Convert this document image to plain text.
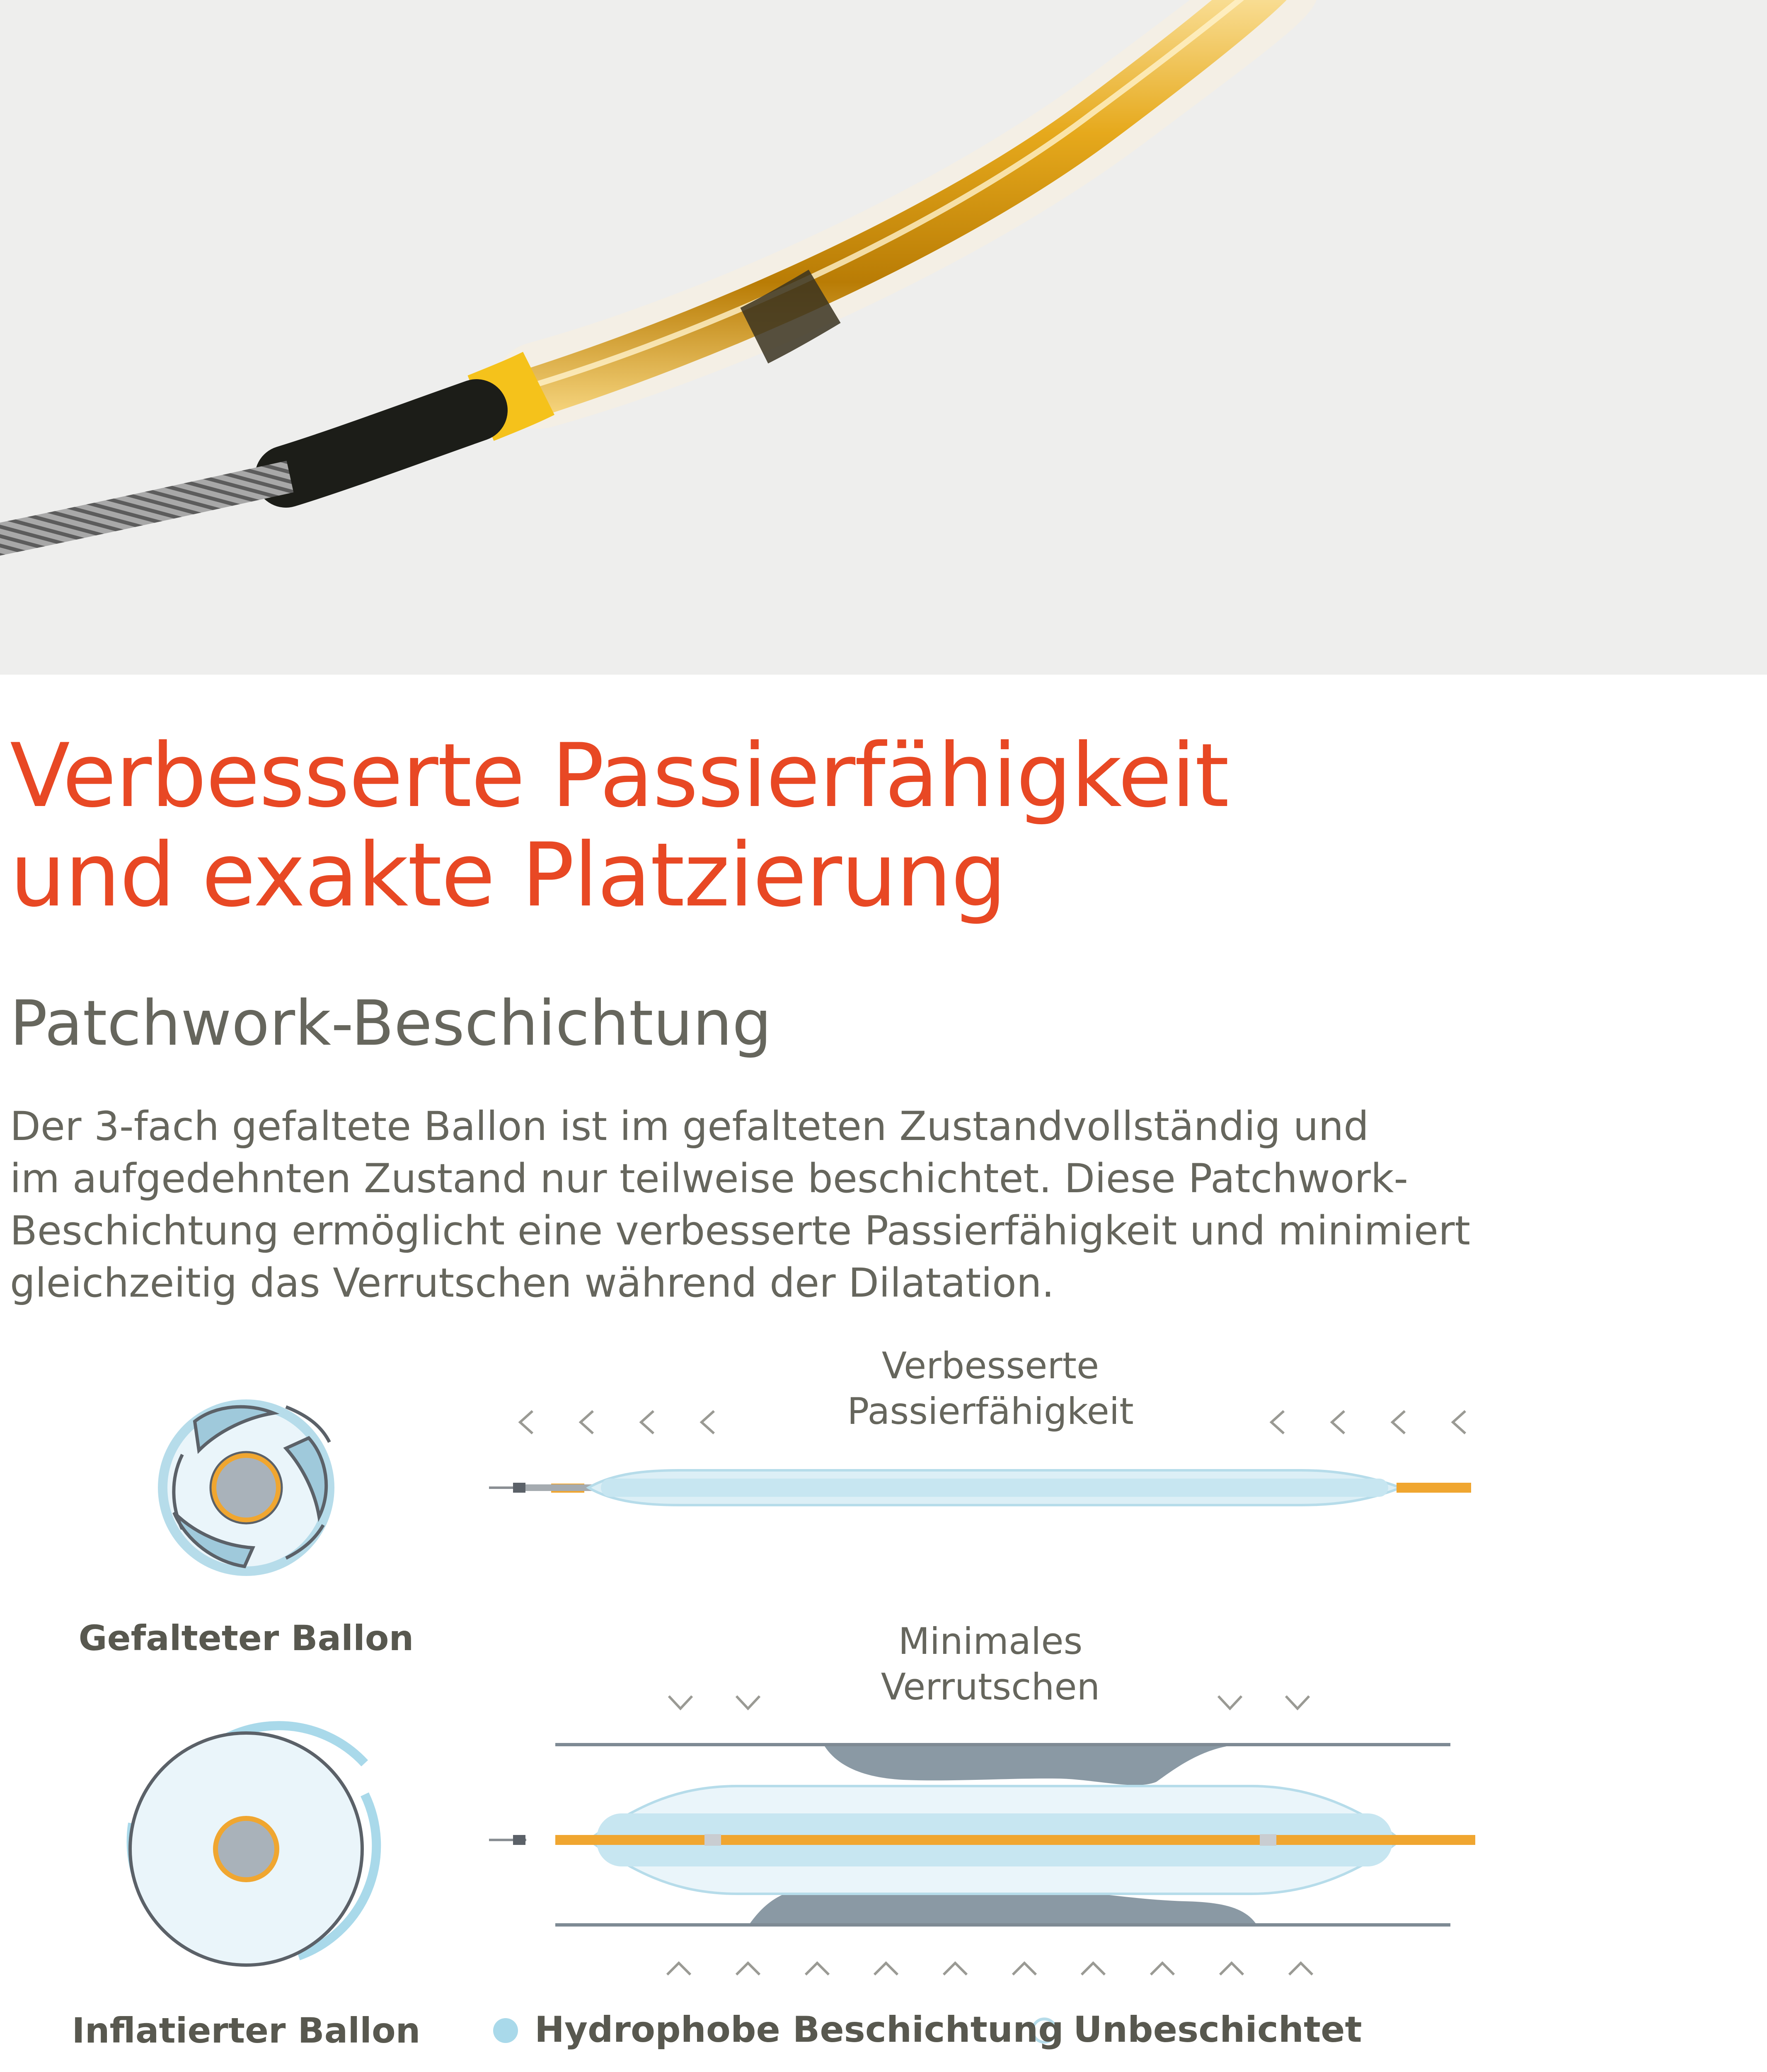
Verbesserte Passierfähigkeit
und exakte Platzierung
Patchwork-Beschichtung
Der 3-fach gefaltete Ballon ist im gefalteten Zustandvollständig und
im aufgedehnten Zustand nur teilweise beschichtet. Diese Patchwork-
Beschichtung ermöglicht eine verbesserte Passierfähigkeit und minimiert
gleichzeitig das Verrutschen während der Dilatation.
Verbesserte
Passierfähigkeit
Gefalteter Ballon	Minimales
Verrutschen
Inflatierter Ballon	Hydrophobe Beschichtung Unbeschichtet
